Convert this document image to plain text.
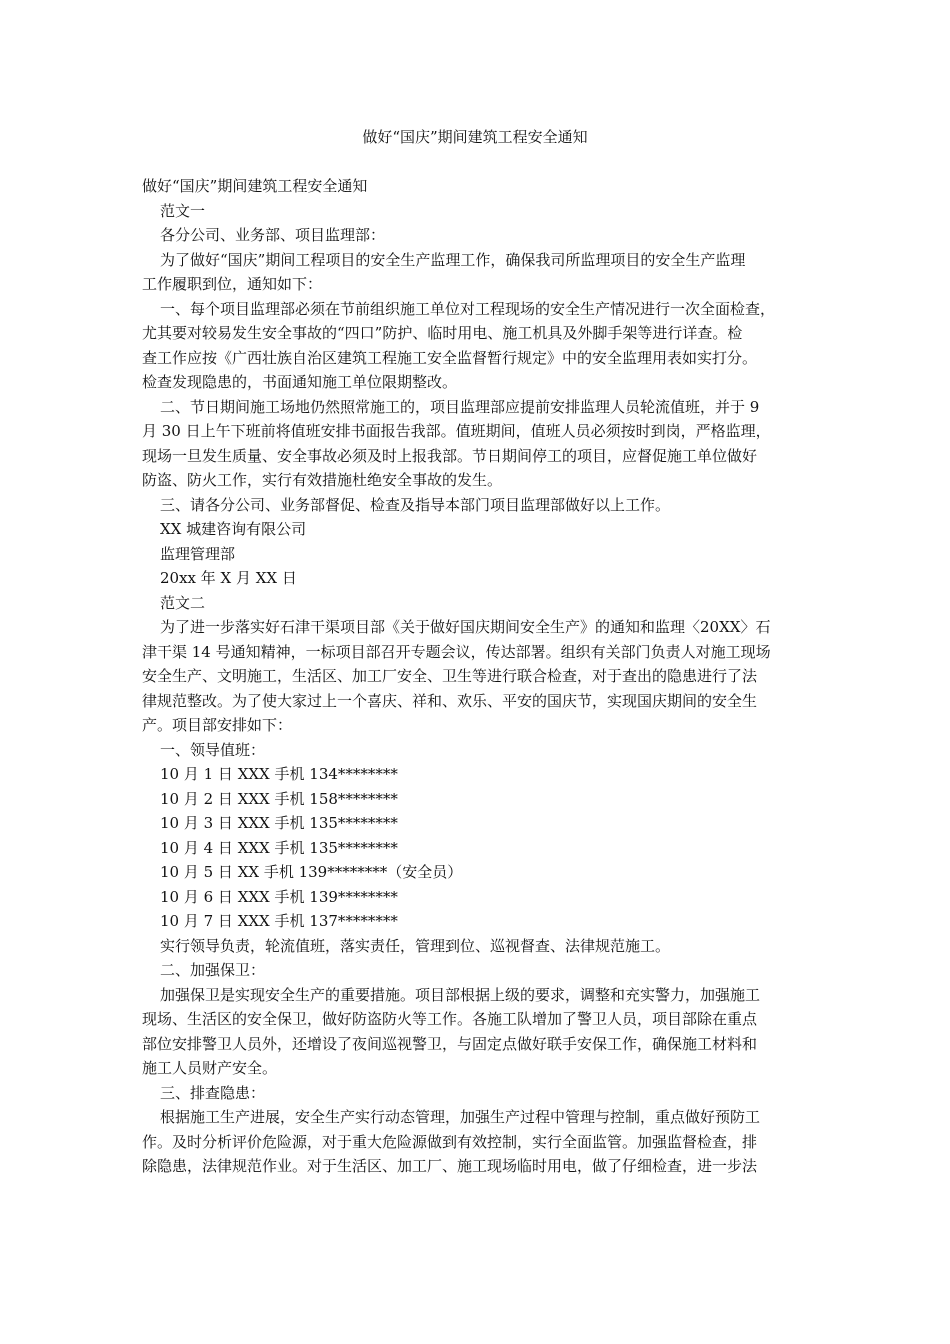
做好“国庆”期间建筑工程安全通知
做好“国庆”期间建筑工程安全通知
范文一
各分公司、业务部、项目监理部：
为了做好“国庆”期间工程项目的安全生产监理工作，确保我司所监理项目的安全生产监理
工作履职到位，通知如下：
一、每个项目监理部必须在节前组织施工单位对工程现场的安全生产情况进行一次全面检查，
尤其要对较易发生安全事故的“四口”防护、临时用电、施工机具及外脚手架等进行详查。检
查工作应按《广西壮族自治区建筑工程施工安全监督暂行规定》中的安全监理用表如实打分。
检查发现隐患的，书面通知施工单位限期整改。
二、节日期间施工场地仍然照常施工的，项目监理部应提前安排监理人员轮流值班，并于 9
月 30 日上午下班前将值班安排书面报告我部。值班期间，值班人员必须按时到岗，严格监理，
现场一旦发生质量、安全事故必须及时上报我部。节日期间停工的项目，应督促施工单位做好
防盗、防火工作，实行有效措施杜绝安全事故的发生。
三、请各分公司、业务部督促、检查及指导本部门项目监理部做好以上工作。
XX 城建咨询有限公司
监理管理部
20xx 年 X 月 XX 日
范文二
为了进一步落实好石津干渠项目部《关于做好国庆期间安全生产》的通知和监理〈20XX〉石
津干渠 14 号通知精神，一标项目部召开专题会议，传达部署。组织有关部门负责人对施工现场
安全生产、文明施工，生活区、加工厂安全、卫生等进行联合检查，对于查出的隐患进行了法
律规范整改。为了使大家过上一个喜庆、祥和、欢乐、平安的国庆节，实现国庆期间的安全生
产。项目部安排如下：
一、领导值班：
10 月 1 日 XXX 手机 134********
10 月 2 日 XXX 手机 158********
10 月 3 日 XXX 手机 135********
10 月 4 日 XXX 手机 135********
10 月 5 日 XX 手机 139********（安全员）
10 月 6 日 XXX 手机 139********
10 月 7 日 XXX 手机 137********
实行领导负责，轮流值班，落实责任，管理到位、巡视督查、法律规范施工。
二、加强保卫：
加强保卫是实现安全生产的重要措施。项目部根据上级的要求，调整和充实警力，加强施工
现场、生活区的安全保卫，做好防盗防火等工作。各施工队增加了警卫人员，项目部除在重点
部位安排警卫人员外，还增设了夜间巡视警卫，与固定点做好联手安保工作，确保施工材料和
施工人员财产安全。
三、排查隐患：
根据施工生产进展，安全生产实行动态管理，加强生产过程中管理与控制，重点做好预防工
作。及时分析评价危险源，对于重大危险源做到有效控制，实行全面监管。加强监督检查，排
除隐患，法律规范作业。对于生活区、加工厂、施工现场临时用电，做了仔细检查，进一步法
